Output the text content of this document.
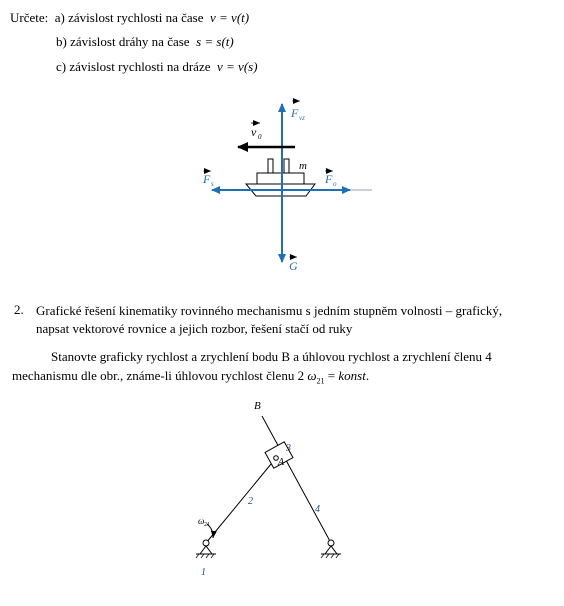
Určete: a) závislost rychlosti na čase v = v(t)
b) závislost dráhy na čase s = s(t)
c) závislost rychlosti na dráze v = v(s)
F vz
v 0
m
F s	F o
G
B
A
3
2
4
1
ω 21
2. Grafické řešení kinematiky rovinného mechanismu s jedním stupněm volnosti – grafický,
napsat vektorové rovnice a jejich rozbor, řešení stačí od ruky
Stanovte graficky rychlost a zrychlení bodu B a úhlovou rychlost a zrychlení členu 4
mechanismu dle obr., známe-li úhlovou rychlost členu 2 $\omega_{21}$ = konst.
